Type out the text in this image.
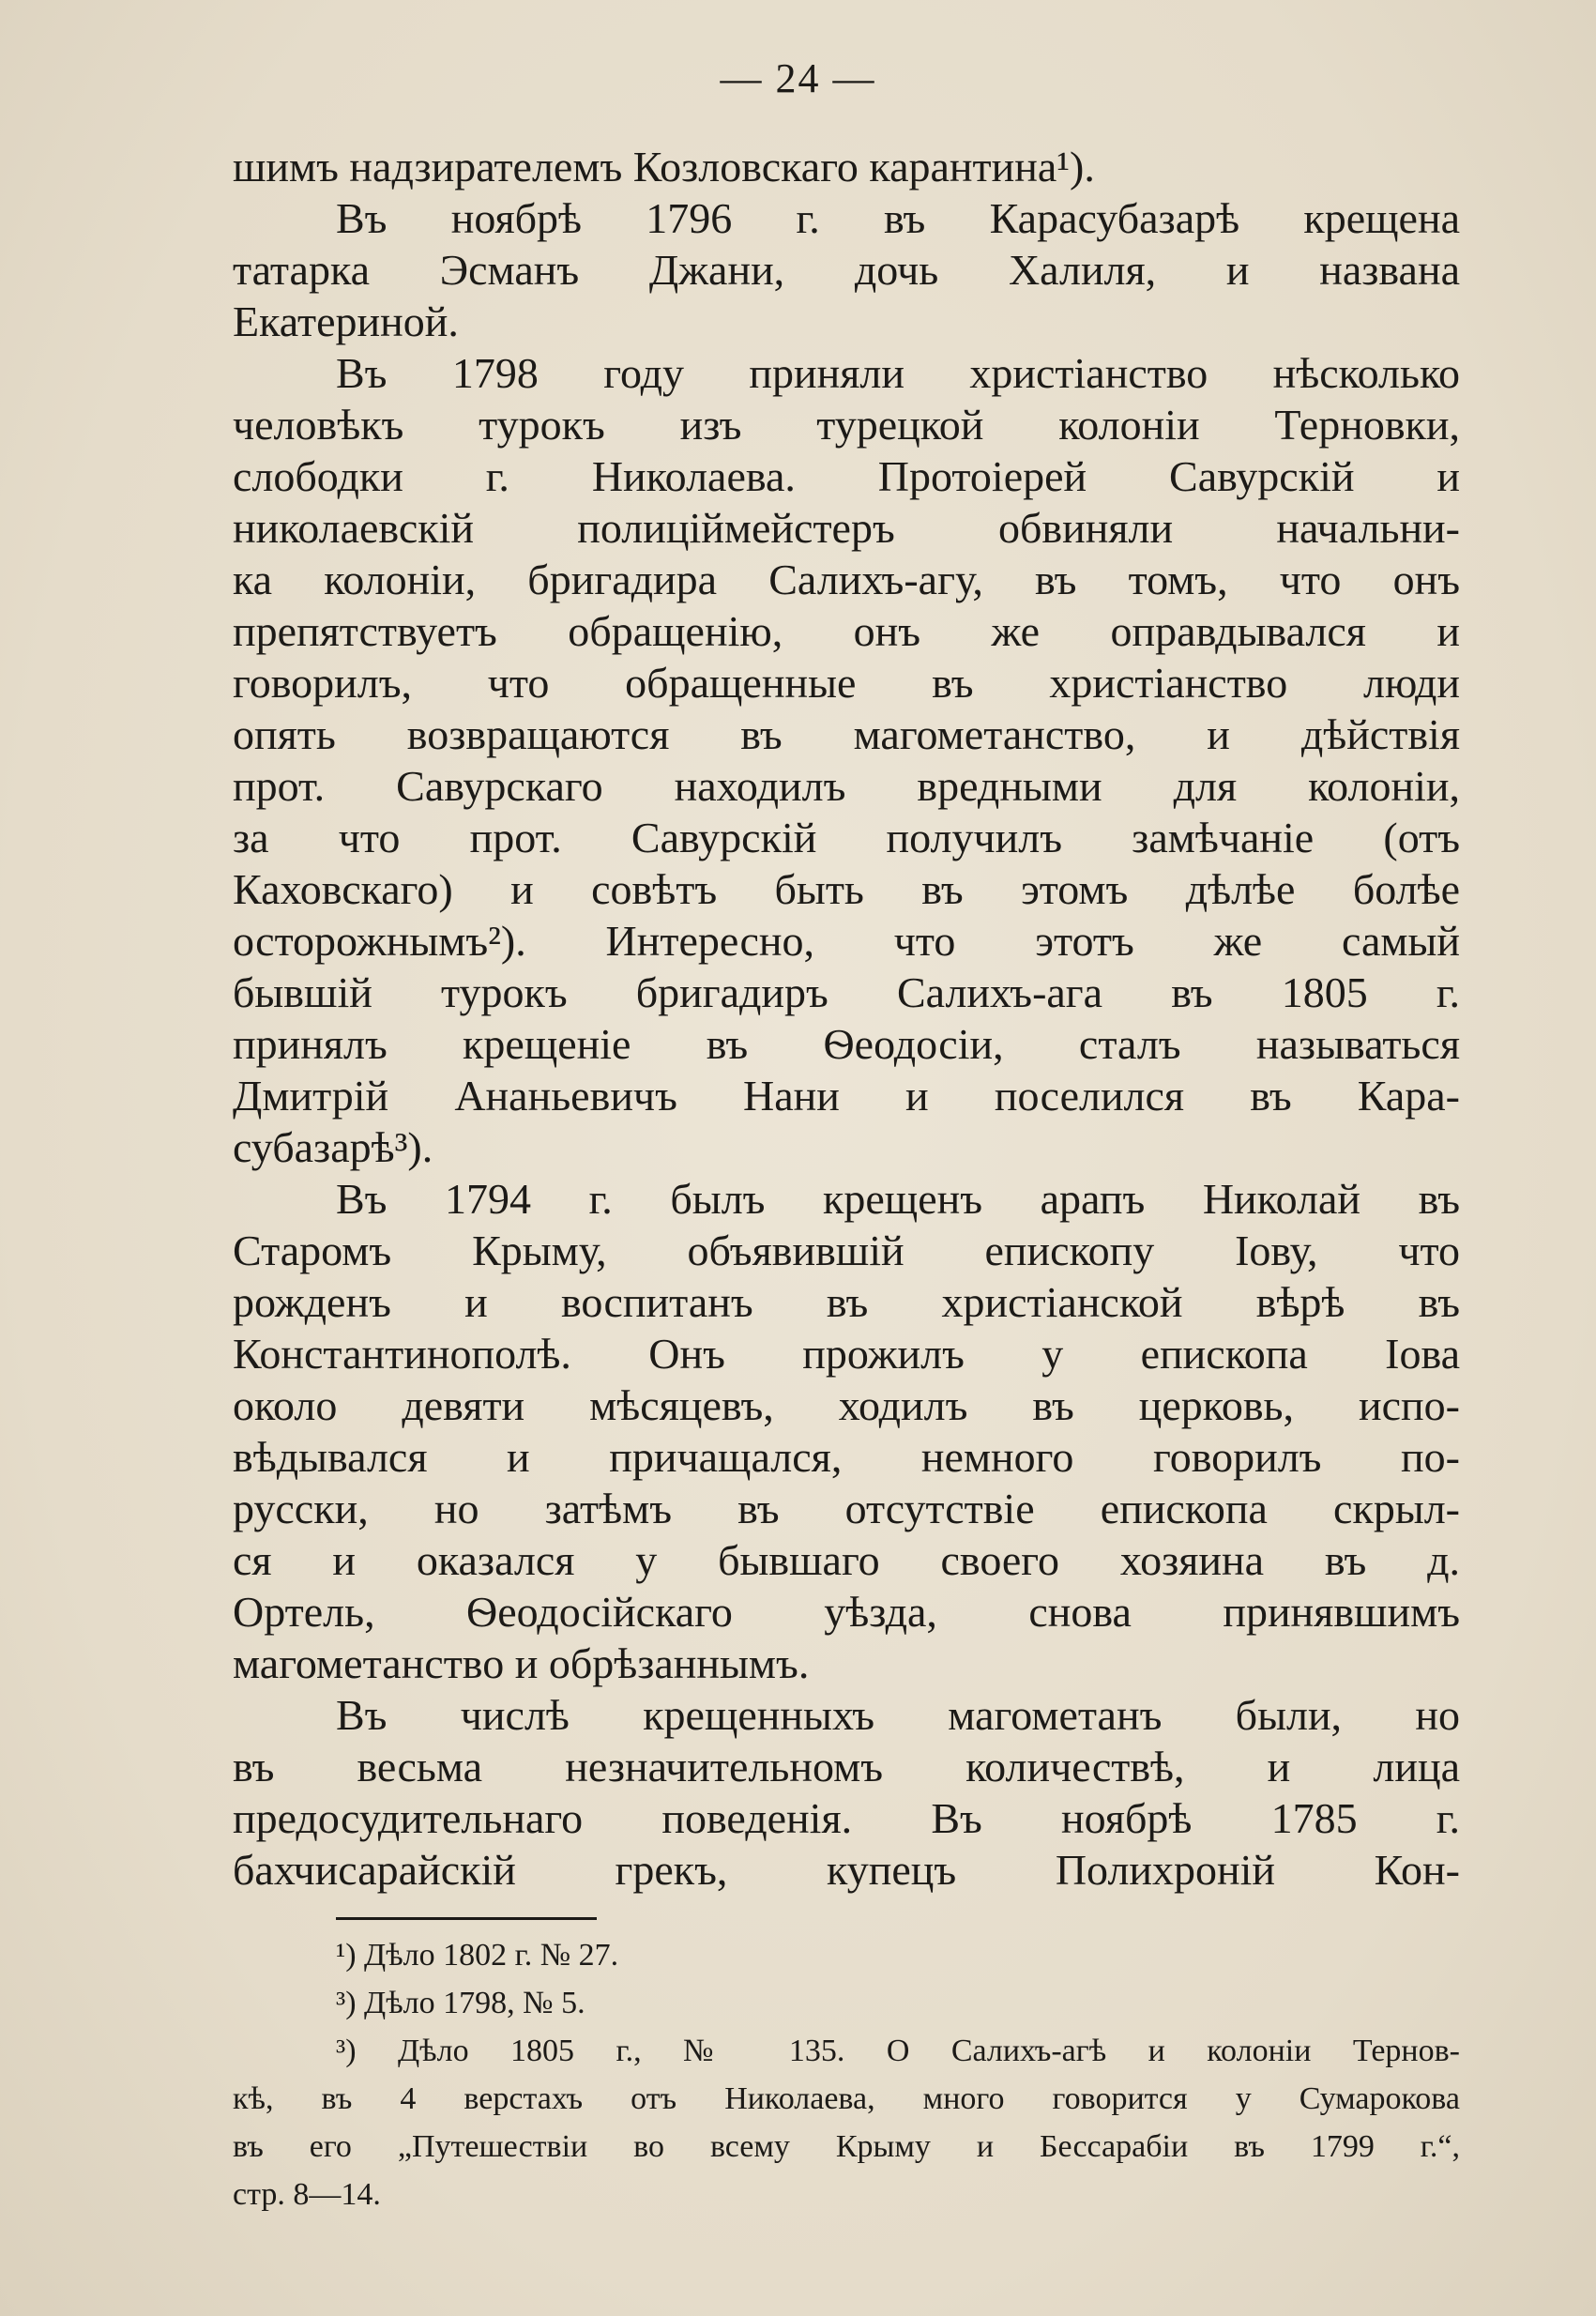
— 24 —
шимъ надзирателемъ Козловскаго карантина¹).
Въ ноябрѣ 1796 г. въ Карасубазарѣ крещена
татарка Эсманъ Джани, дочь Халиля, и названа
Екатериной.
Въ 1798 году приняли христіанство нѣсколько
человѣкъ турокъ изъ турецкой колоніи Терновки,
слободки г. Николаева. Протоіерей Савурскій и
николаевскій полиціймейстеръ обвиняли начальни-
ка колоніи, бригадира Салихъ-агу, въ томъ, что онъ
препятствуетъ обращенію, онъ же оправдывался и
говорилъ, что обращенные въ христіанство люди
опять возвращаются въ магометанство, и дѣйствія
прот. Савурскаго находилъ вредными для колоніи,
за что прот. Савурскій получилъ замѣчаніе (отъ
Каховскаго) и совѣтъ быть въ этомъ дѣлѣе болѣе
осторожнымъ²). Интересно, что этотъ же самый
бывшій турокъ бригадиръ Салихъ-ага въ 1805 г.
принялъ крещеніе въ Ѳеодосіи, сталъ называться
Дмитрій Ананьевичъ Нани и поселился въ Кара-
субазарѣ³).
Въ 1794 г. былъ крещенъ арапъ Николай въ
Старомъ Крыму, объявившій епископу Іову, что
рожденъ и воспитанъ въ христіанской вѣрѣ въ
Константинополѣ. Онъ прожилъ у епископа Іова
около девяти мѣсяцевъ, ходилъ въ церковь, испо-
вѣдывался и причащался, немного говорилъ по-
русски, но затѣмъ въ отсутствіе епископа скрыл-
ся и оказался у бывшаго своего хозяина въ д.
Ортель, Ѳеодосійскаго уѣзда, снова принявшимъ
магометанство и обрѣзаннымъ.
Въ числѣ крещенныхъ магометанъ были, но
въ весьма незначительномъ количествѣ, и лица
предосудительнаго поведенія. Въ ноябрѣ 1785 г.
бахчисарайскій грекъ, купецъ Полихроній Кон-
¹) Дѣло 1802 г. № 27.
³) Дѣло 1798, № 5.
³) Дѣло 1805 г., № 135. О Салихъ-агѣ и колоніи Тернов-
кѣ, въ 4 верстахъ отъ Николаева, много говорится у Сумарокова
въ его „Путешествіи во всему Крыму и Бессарабіи въ 1799 г.“,
стр. 8—14.
